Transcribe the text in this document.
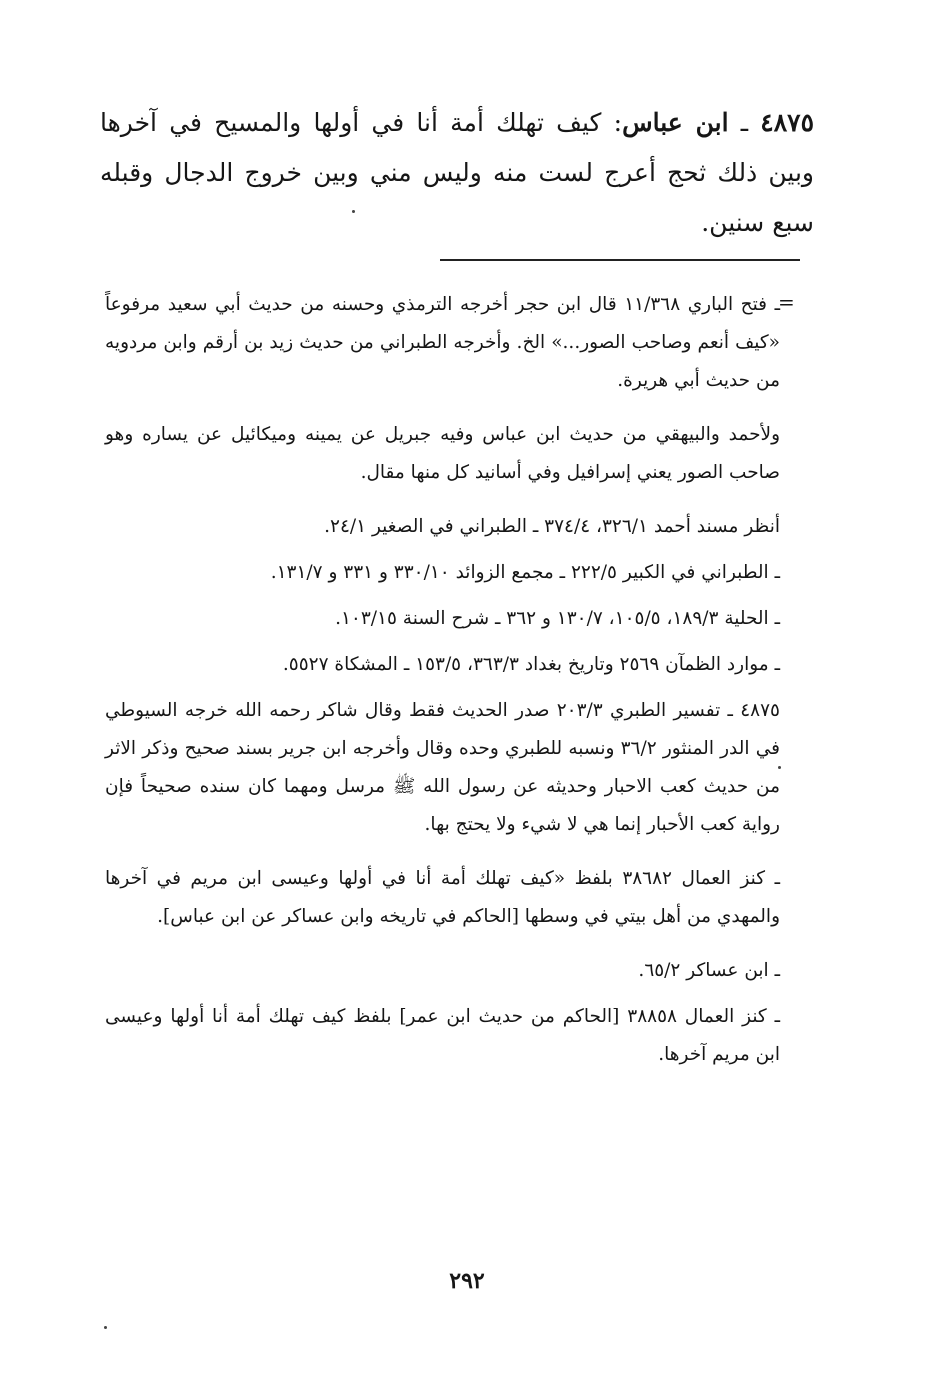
٤٨٧٥ ـ ابن عباس: كيف تهلك أمة أنا في أولها والمسيح في آخرها وبين ذلك ثحج أعرج لست منه وليس مني وبين خروج الدجال وقبله سبع سنين.
=

ـ فتح الباري ١١/٣٦٨ قال ابن حجر أخرجه الترمذي وحسنه من حديث أبي سعيد مرفوعاً «كيف أنعم وصاحب الصور...» الخ. وأخرجه الطبراني من حديث زيد بن أرقم وابن مردويه من حديث أبي هريرة.

ولأحمد والبيهقي من حديث ابن عباس وفيه جبريل عن يمينه وميكائيل عن يساره وهو صاحب الصور يعني إسرافيل وفي أسانيد كل منها مقال.

أنظر مسند أحمد ٣٢٦/١، ٣٧٤/٤ ـ الطبراني في الصغير ٢٤/١.

ـ الطبراني في الكبير ٢٢٢/٥ ـ مجمع الزوائد ٣٣٠/١٠ و ٣٣١ و ١٣١/٧.

ـ الحلية ١٨٩/٣، ١٠٥/٥، ١٣٠/٧ و ٣٦٢ ـ شرح السنة ١٠٣/١٥.

ـ موارد الظمآن ٢٥٦٩ وتاريخ بغداد ٣٦٣/٣، ١٥٣/٥ ـ المشكاة ٥٥٢٧.

٤٨٧٥ ـ تفسير الطبري ٢٠٣/٣ صدر الحديث فقط وقال شاكر رحمه الله خرجه السيوطي في الدر المنثور ٣٦/٢ ونسبه للطبري وحده وقال وأخرجه ابن جرير بسند صحيح وذكر الاثر من حديث كعب الاحبار وحديثه عن رسول الله ﷺ مرسل ومهما كان سنده صحيحاً فإن رواية كعب الأحبار إنما هي لا شيء ولا يحتج بها.

ـ كنز العمال ٣٨٦٨٢ بلفظ «كيف تهلك أمة أنا في أولها وعيسى ابن مريم في آخرها والمهدي من أهل بيتي في وسطها [الحاكم في تاريخه وابن عساكر عن ابن عباس].

ـ ابن عساكر ٦٥/٢.

ـ كنز العمال ٣٨٨٥٨ [الحاكم من حديث ابن عمر] بلفظ كيف تهلك أمة أنا أولها وعيسى ابن مريم آخرها.

٢٩٢
